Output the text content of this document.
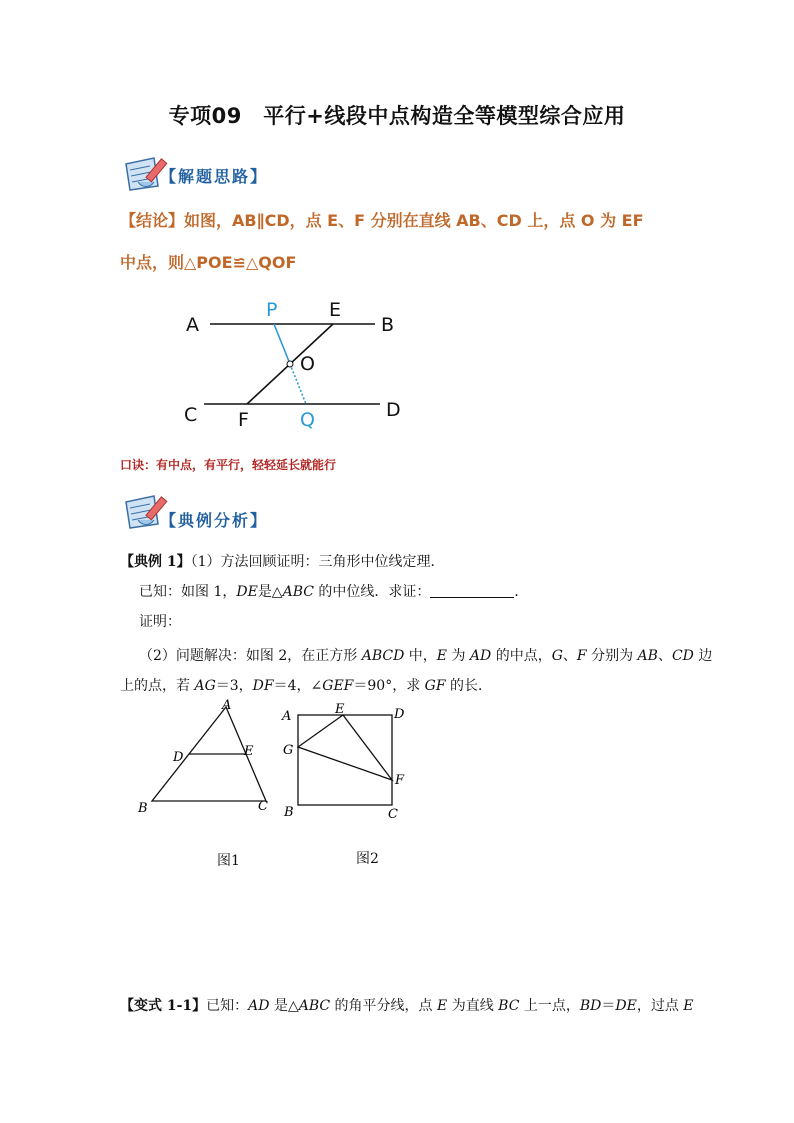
专项09　平行+线段中点构造全等模型综合应用
【解题思路】
【结论】如图，AB∥CD，点 E、F 分别在直线 AB、CD 上，点 O 为 EF
中点，则△POE≌△QOF
A	B
C	D
E
F
P
O
Q
口诀：有中点，有平行，轻轻延长就能行
【典例分析】
【典例 1】（1）方法回顾证明：三角形中位线定理．
已知：如图 1，DE是△ABC 的中位线．求证：	．
证明：
（2）问题解决：如图 2，在正方形 ABCD 中，E 为 AD 的中点，G、F 分别为 AB、CD 边
上的点，若 AG＝3，DF＝4，∠GEF＝90°，求 GF 的长．
A
D	E
B	C
图1
A	E	D
G
F
B	C
图2
【变式 1-1】已知：AD 是△ABC 的角平分线，点 E 为直线 BC 上一点，BD＝DE，过点 E
